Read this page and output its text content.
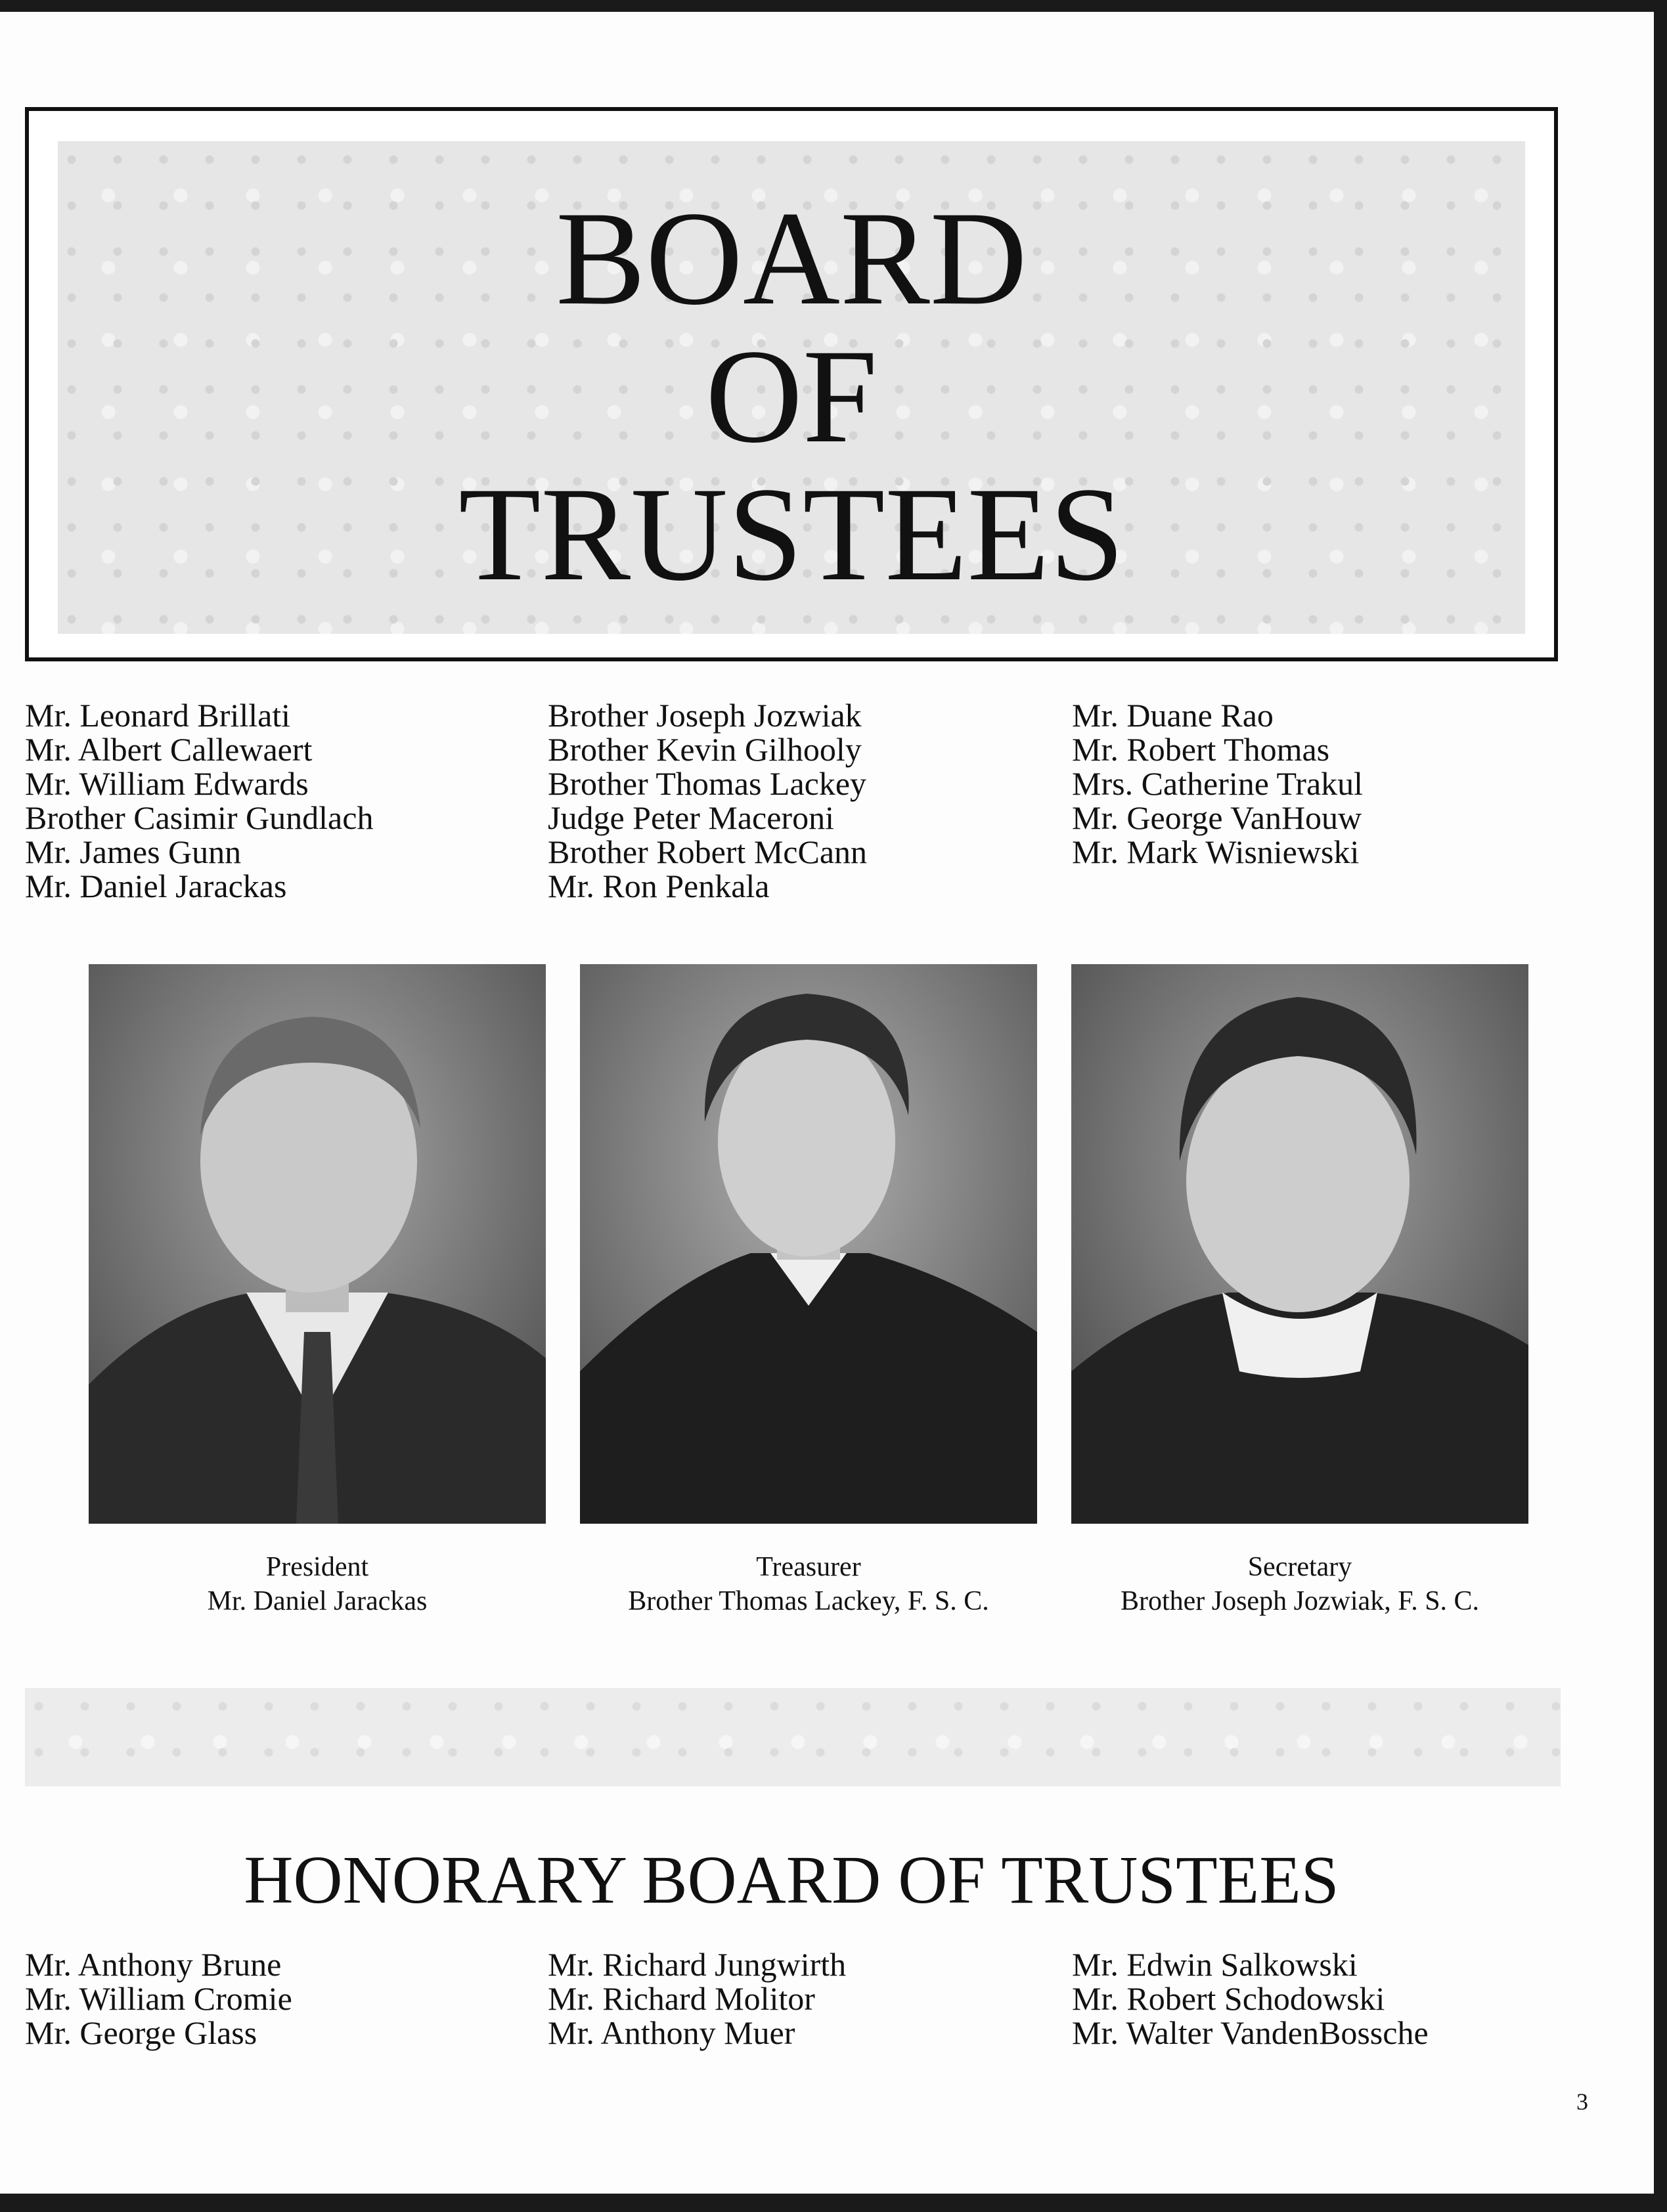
BOARD
OF
TRUSTEES
Mr. Leonard Brillati
Mr. Albert Callewaert
Mr. William Edwards
Brother Casimir Gundlach
Mr. James Gunn
Mr. Daniel Jarackas
Brother Joseph Jozwiak
Brother Kevin Gilhooly
Brother Thomas Lackey
Judge Peter Maceroni
Brother Robert McCann
Mr. Ron Penkala
Mr. Duane Rao
Mr. Robert Thomas
Mrs. Catherine Trakul
Mr. George VanHouw
Mr. Mark Wisniewski
President
Mr. Daniel Jarackas
Treasurer
Brother Thomas Lackey, F. S. C.
Secretary
Brother Joseph Jozwiak, F. S. C.
HONORARY BOARD OF TRUSTEES
Mr. Anthony Brune
Mr. William Cromie
Mr. George Glass
Mr. Richard Jungwirth
Mr. Richard Molitor
Mr. Anthony Muer
Mr. Edwin Salkowski
Mr. Robert Schodowski
Mr. Walter VandenBossche
3
